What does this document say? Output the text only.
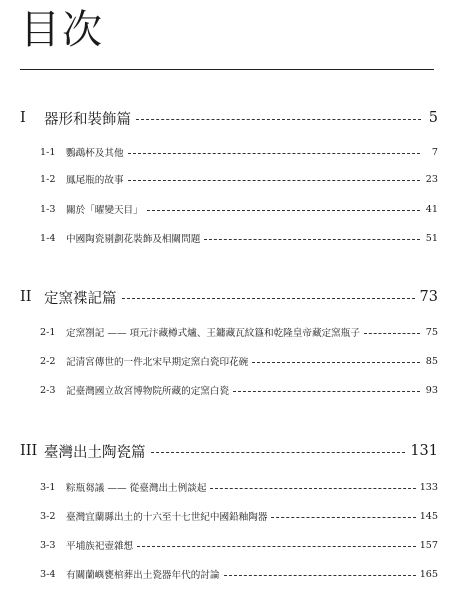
目次
I	器形和裝飾篇	5
1-1	鸚鵡杯及其他	7
1-2	鳳尾瓶的故事	23
1-3	關於「曜變天目」	41
1-4	中國陶瓷剔劃花裝飾及相關問題	51
II 定窯褋記篇	73
2-1	定窯劄記 —— 項元汴藏樽式爐、王鏞藏瓦紋簋和乾隆皇帝藏定窯瓶子	75
2-2	記清宮傳世的一件北宋早期定窯白瓷印花碗	85
2-3	記臺灣國立故宮博物院所藏的定窯白瓷	93
III 臺灣出土陶瓷篇	131
3-1	粽瓶芻議 —— 從臺灣出土例談起	133
3-2	臺灣宜蘭縣出土的十六至十七世紀中國鉛釉陶器	145
3-3	平埔族祀壺雜想	157
3-4	有關蘭嶼甕棺葬出土瓷器年代的討論	165
